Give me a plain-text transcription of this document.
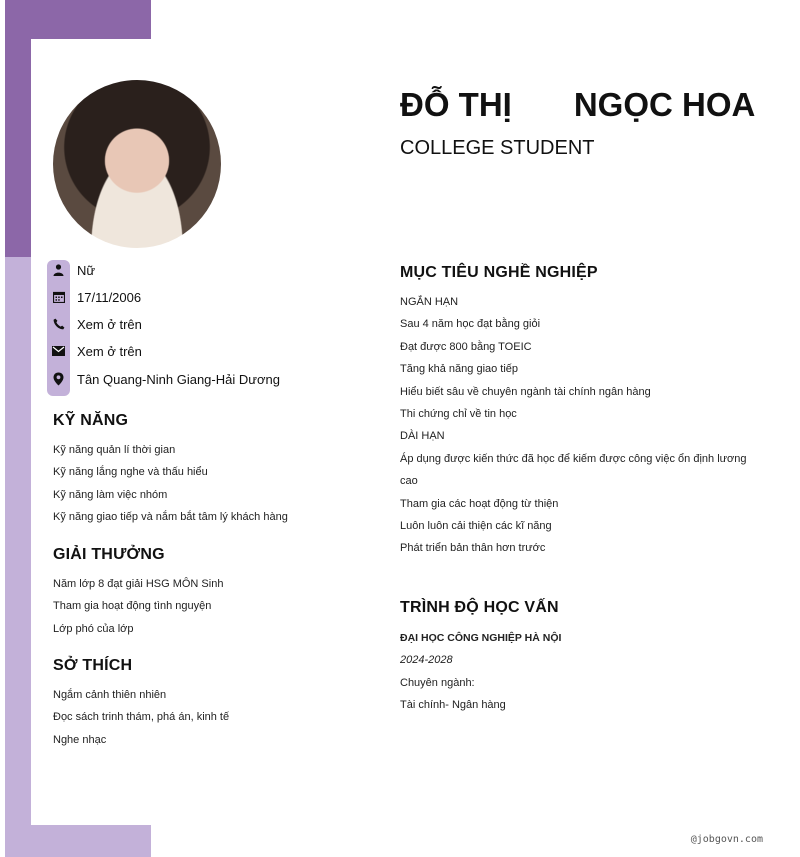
Nữ
17/11/2006
Xem ở trên
Xem ở trên
Tân Quang-Ninh Giang-Hải Dương
KỸ NĂNG
Kỹ năng quản lí thời gian
Kỹ năng lắng nghe và thấu hiểu
Kỹ năng làm việc nhóm
Kỹ năng giao tiếp và nắm bắt tâm lý khách hàng
GIẢI THƯỞNG
Năm lớp 8 đạt giải HSG MÔN Sinh
Tham gia hoạt động tình nguyện
Lớp phó của lớp
SỞ THÍCH
Ngắm cảnh thiên nhiên
Đọc sách trinh thám, phá án, kinh tế
Nghe nhạc
ĐỖ THỊ NGỌC HOA
COLLEGE STUDENT
MỤC TIÊU NGHỀ NGHIỆP
NGẮN HẠN
Sau 4 năm học đạt bằng giỏi
Đạt được 800 bằng TOEIC
Tăng khả năng giao tiếp
Hiểu biết sâu về chuyên ngành tài chính ngân hàng
Thi chứng chỉ về tin học
DÀI HẠN
Áp dụng được kiến thức đã học để kiếm được công việc ổn định lương
cao
Tham gia các hoạt động từ thiện
Luôn luôn cải thiện các kĩ năng
Phát triển bản thân hơn trước
TRÌNH ĐỘ HỌC VẤN
ĐẠI HỌC CÔNG NGHIỆP HÀ NỘI
2024-2028
Chuyên ngành:
Tài chính- Ngân hàng
@jobgovn.com
